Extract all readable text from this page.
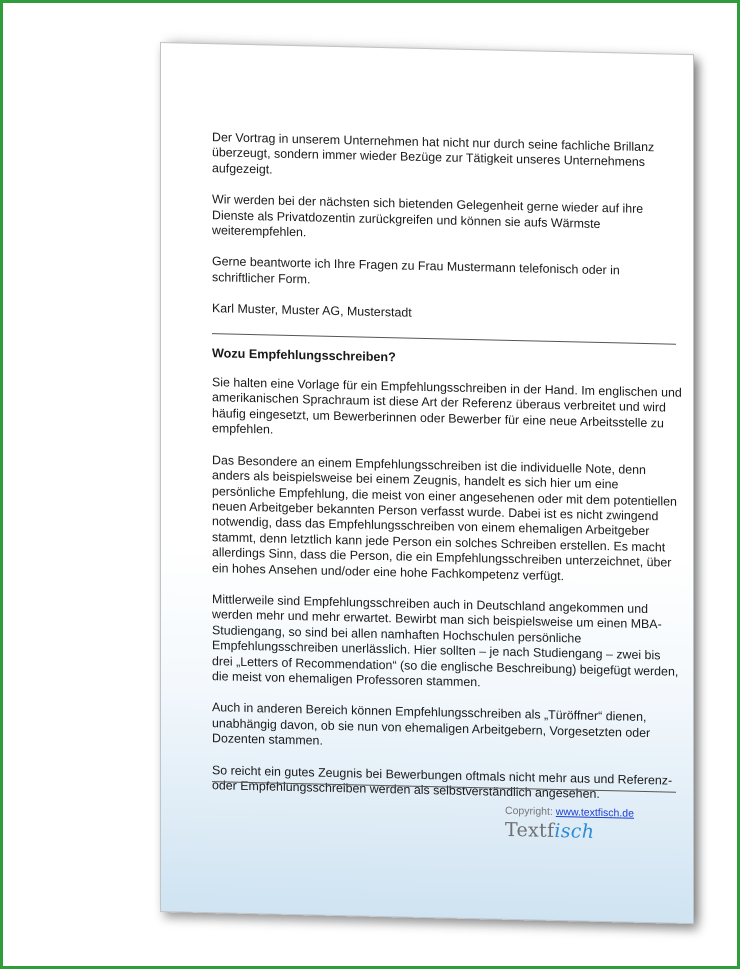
Der Vortrag in unserem Unternehmen hat nicht nur durch seine fachliche Brillanz überzeugt, sondern immer wieder Bezüge zur Tätigkeit unseres Unternehmens aufgezeigt.

Wir werden bei der nächsten sich bietenden Gelegenheit gerne wieder auf ihre Dienste als Privatdozentin zurückgreifen und können sie aufs Wärmste weiterempfehlen.

Gerne beantworte ich Ihre Fragen zu Frau Mustermann telefonisch oder in schriftlicher Form.

Karl Muster, Muster AG, Musterstadt

Wozu Empfehlungsschreiben?

Sie halten eine Vorlage für ein Empfehlungsschreiben in der Hand. Im englischen und amerikanischen Sprachraum ist diese Art der Referenz überaus verbreitet und wird häufig eingesetzt, um Bewerberinnen oder Bewerber für eine neue Arbeitsstelle zu empfehlen.

Das Besondere an einem Empfehlungsschreiben ist die individuelle Note, denn anders als beispielsweise bei einem Zeugnis, handelt es sich hier um eine persönliche Empfehlung, die meist von einer angesehenen oder mit dem potentiellen neuen Arbeitgeber bekannten Person verfasst wurde. Dabei ist es nicht zwingend notwendig, dass das Empfehlungsschreiben von einem ehemaligen Arbeitgeber stammt, denn letztlich kann jede Person ein solches Schreiben erstellen. Es macht allerdings Sinn, dass die Person, die ein Empfehlungsschreiben unterzeichnet, über ein hohes Ansehen und/oder eine hohe Fachkompetenz verfügt.

Mittlerweile sind Empfehlungsschreiben auch in Deutschland angekommen und werden mehr und mehr erwartet. Bewirbt man sich beispielsweise um einen MBA-Studiengang, so sind bei allen namhaften Hochschulen persönliche Empfehlungsschreiben unerlässlich. Hier sollten – je nach Studiengang – zwei bis drei „Letters of Recommendation“ (so die englische Beschreibung) beigefügt werden, die meist von ehemaligen Professoren stammen.

Auch in anderen Bereich können Empfehlungsschreiben als „Türöffner“ dienen, unabhängig davon, ob sie nun von ehemaligen Arbeitgebern, Vorgesetzten oder Dozenten stammen.

So reicht ein gutes Zeugnis bei Bewerbungen oftmals nicht mehr aus und Referenz- oder Empfehlungsschreiben werden als selbstverständlich angesehen.

Copyright: www.textfisch.de
Textfisch
